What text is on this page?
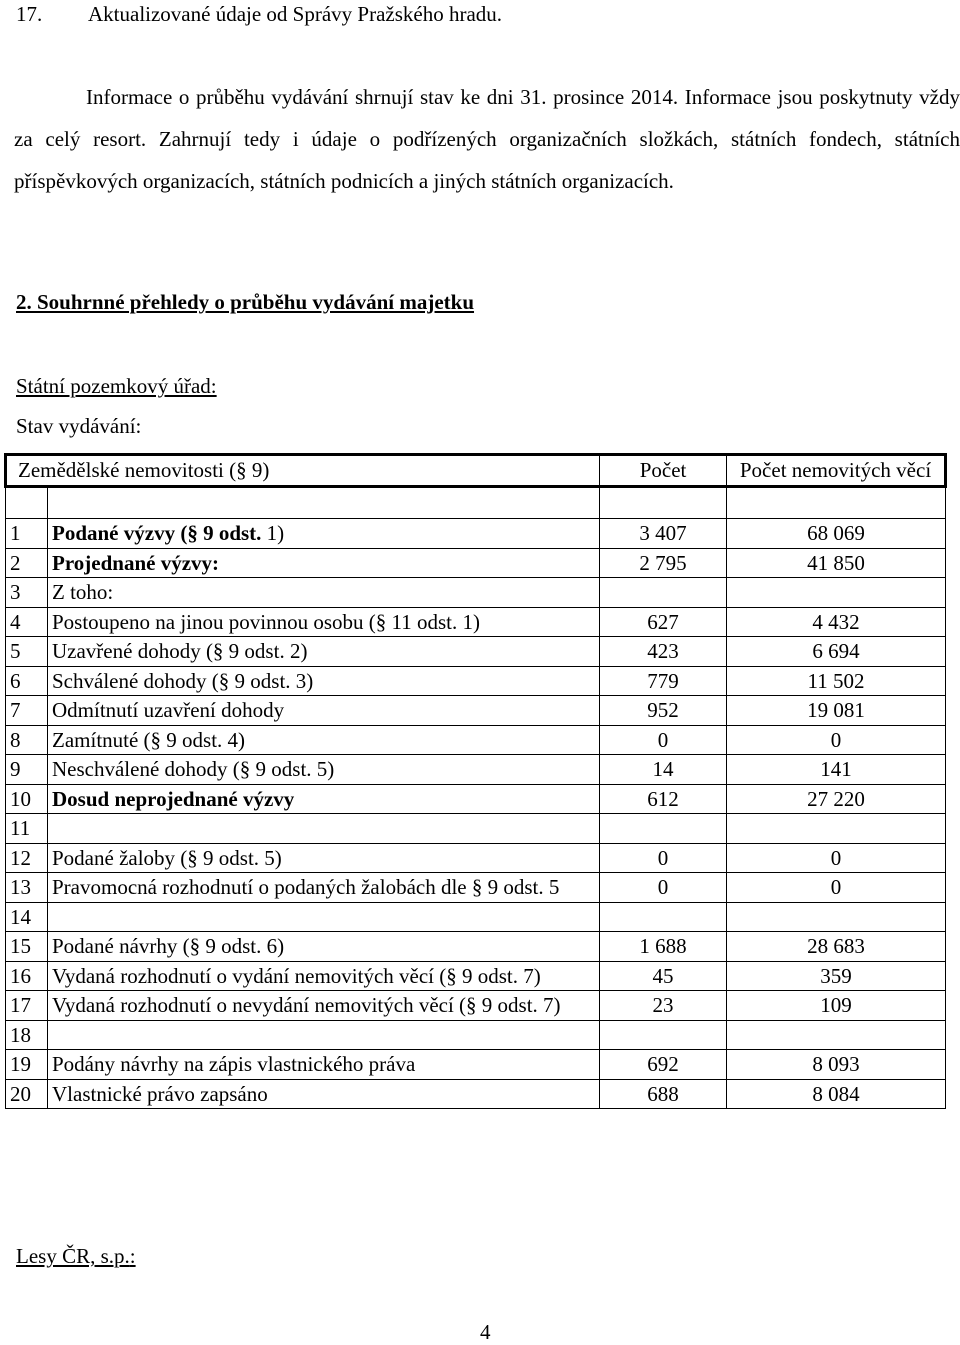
17. Aktualizované údaje od Správy Pražského hradu.
Informace o průběhu vydávání shrnují stav ke dni 31. prosince 2014. Informace jsou poskytnuty vždy za celý resort. Zahrnují tedy i údaje o podřízených organizačních složkách, státních fondech, státních příspěvkových organizacích, státních podnicích a jiných státních organizacích.
2. Souhrnné přehledy o průběhu vydávání majetku
Státní pozemkový úřad:
Stav vydávání:
Zemědělské nemovitosti (§ 9)		Počet	Počet nemovitých věcí

1	Podané výzvy (§ 9 odst. 1)	3 407	68 069
2	Projednané výzvy:	2 795	41 850
3	Z toho:		
4	Postoupeno na jinou povinnou osobu (§ 11 odst. 1)	627	4 432
5	Uzavřené dohody (§ 9 odst. 2)	423	6 694
6	Schválené dohody (§ 9 odst. 3)	779	11 502
7	Odmítnutí uzavření dohody	952	19 081
8	Zamítnuté (§ 9 odst. 4)	0	0
9	Neschválené dohody (§ 9 odst. 5)	14	141
10	Dosud neprojednané výzvy	612	27 220
11			
12	Podané žaloby (§ 9 odst. 5)	0	0
13	Pravomocná rozhodnutí o podaných žalobách dle § 9 odst. 5	0	0
14			
15	Podané návrhy (§ 9 odst. 6)	1 688	28 683
16	Vydaná rozhodnutí o vydání nemovitých věcí (§ 9 odst. 7)	45	359
17	Vydaná rozhodnutí o nevydání nemovitých věcí (§ 9 odst. 7)	23	109
18			
19	Podány návrhy na zápis vlastnického práva	692	8 093
20	Vlastnické právo zapsáno	688	8 084
Lesy ČR, s.p.:
4
